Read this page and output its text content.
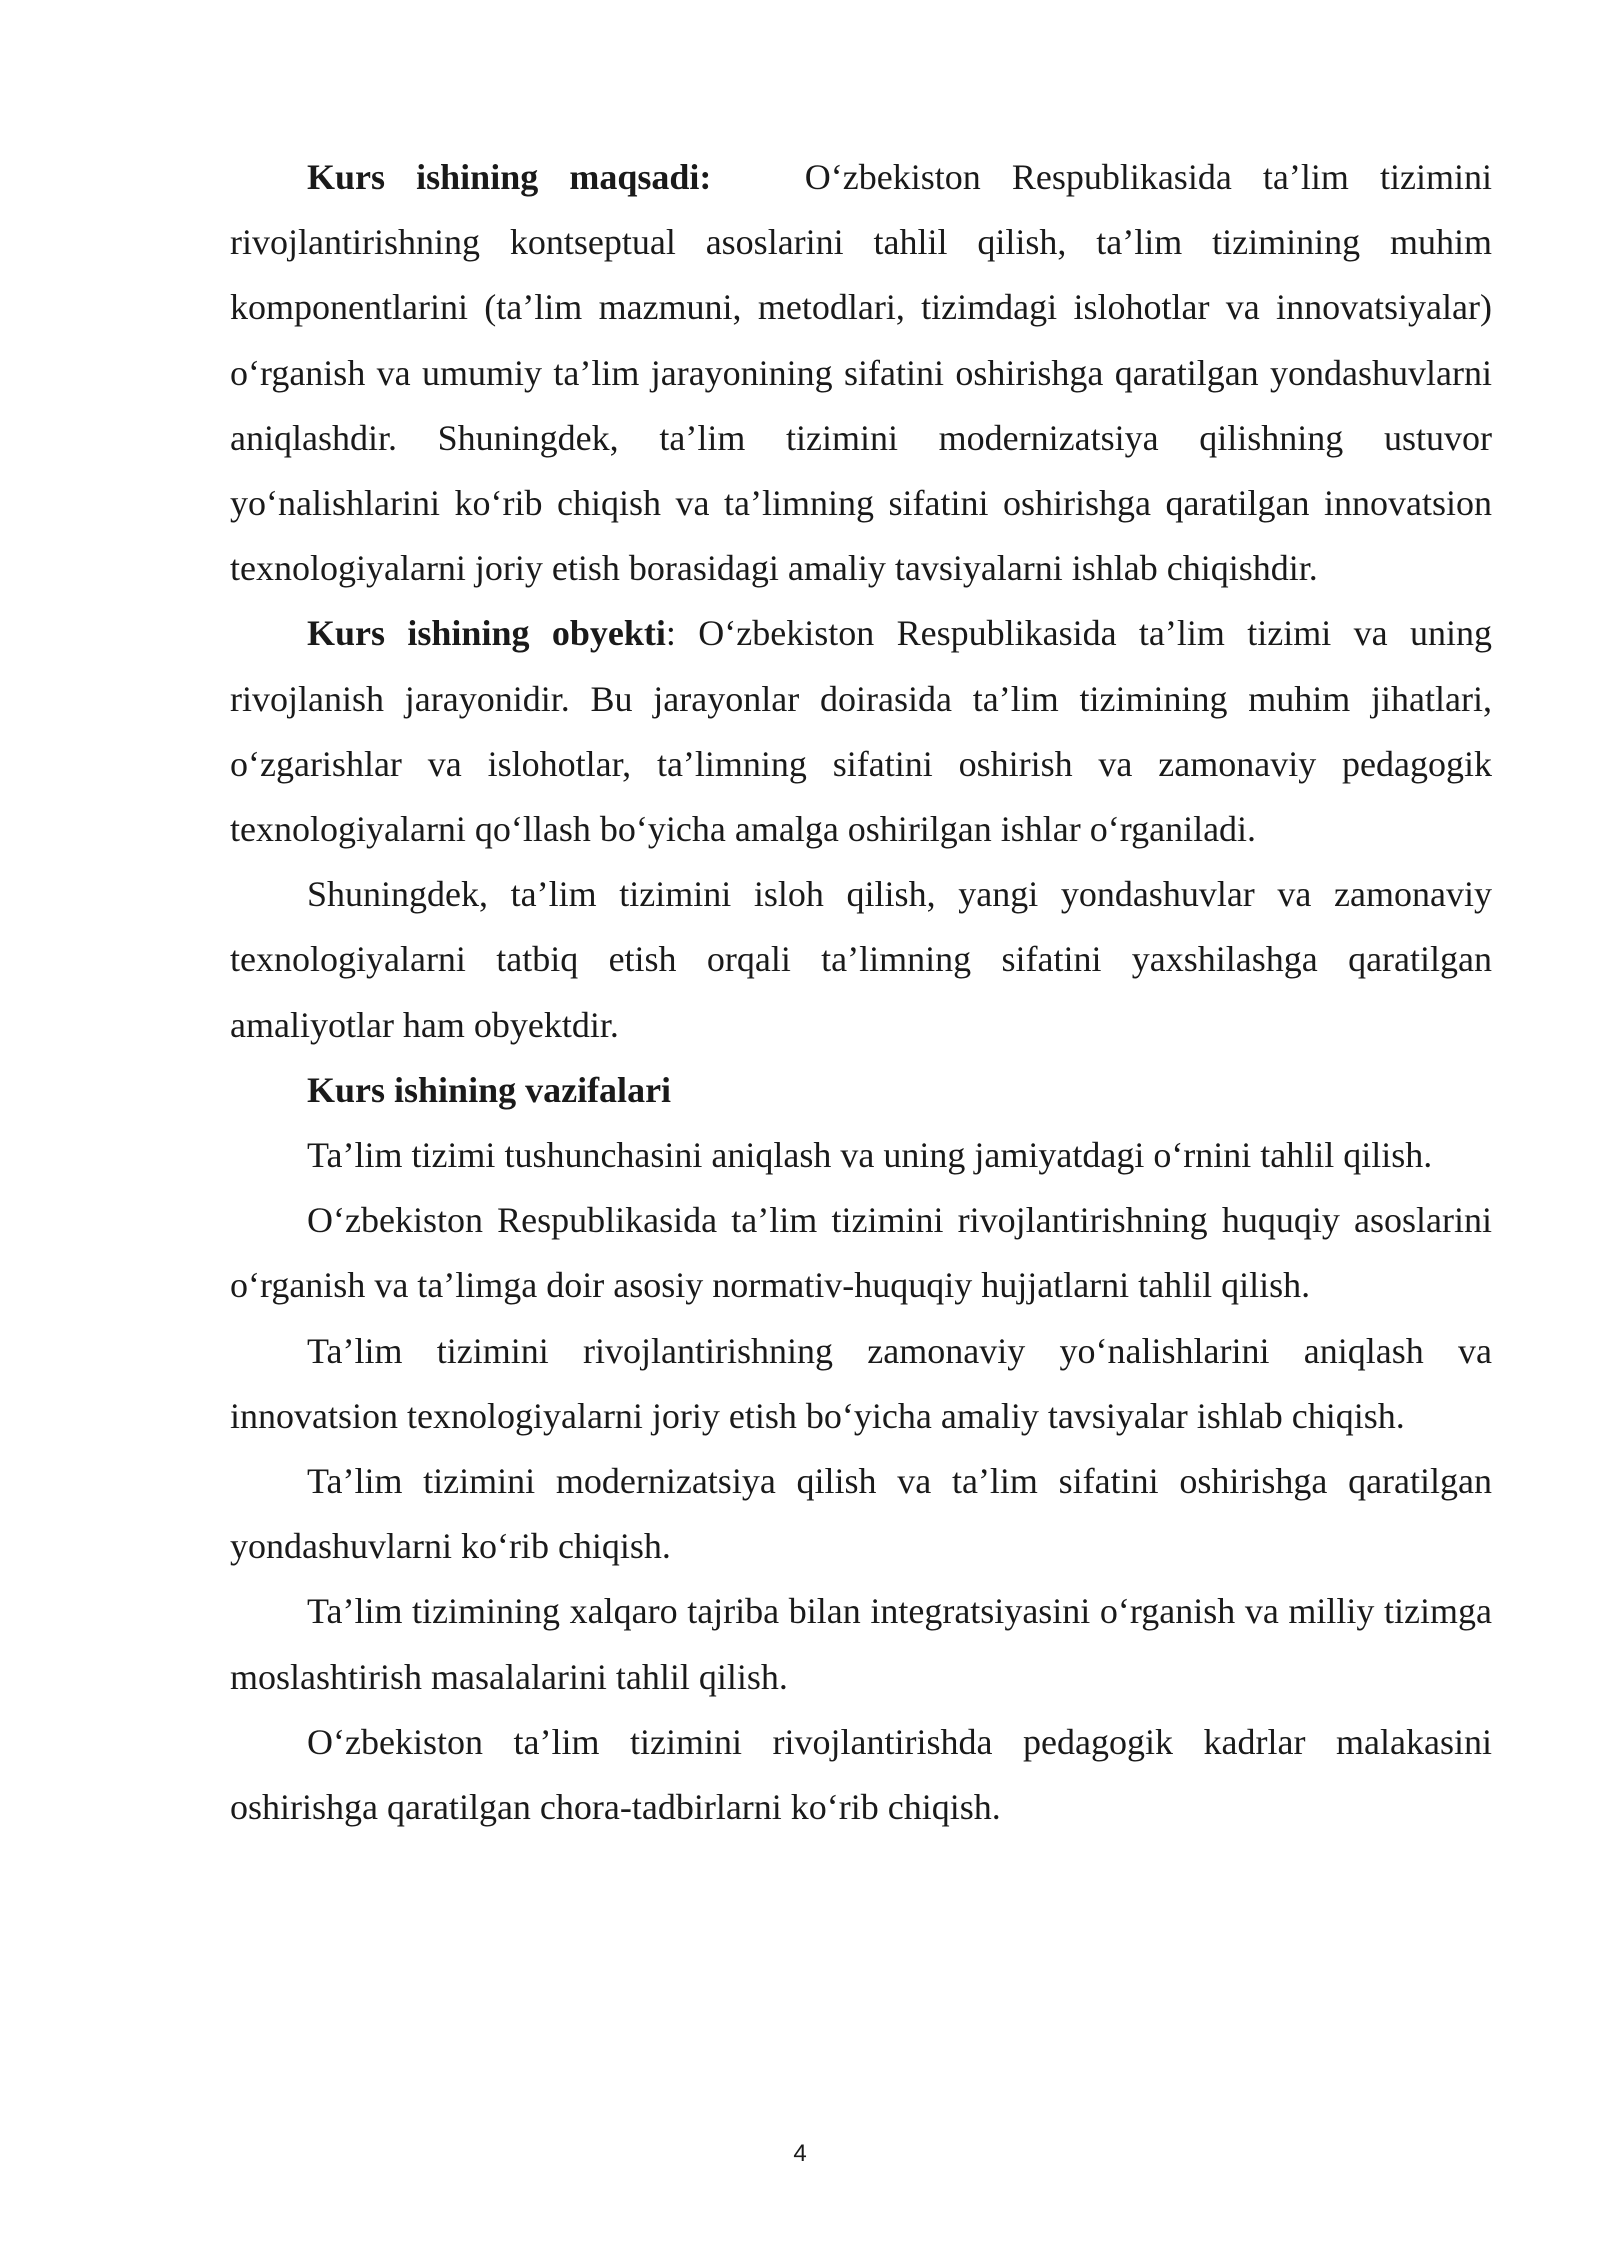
Kurs ishining maqsadi:	O‘zbekiston Respublikasida ta’lim tizimini rivojlantirishning kontseptual asoslarini tahlil qilish, ta’lim tizimining muhim komponentlarini (ta’lim mazmuni, metodlari, tizimdagi islohotlar va innovatsiyalar) o‘rganish va umumiy ta’lim jarayonining sifatini oshirishga qaratilgan yondashuvlarni aniqlashdir. Shuningdek, ta’lim tizimini modernizatsiya qilishning ustuvor yo‘nalishlarini ko‘rib chiqish va ta’limning sifatini oshirishga qaratilgan innovatsion texnologiyalarni joriy etish borasidagi amaliy tavsiyalarni ishlab chiqishdir.

Kurs ishining obyekti: O‘zbekiston Respublikasida ta’lim tizimi va uning rivojlanish jarayonidir. Bu jarayonlar doirasida ta’lim tizimining muhim jihatlari, o‘zgarishlar va islohotlar, ta’limning sifatini oshirish va zamonaviy pedagogik texnologiyalarni qo‘llash bo‘yicha amalga oshirilgan ishlar o‘rganiladi.

Shuningdek, ta’lim tizimini isloh qilish, yangi yondashuvlar va zamonaviy texnologiyalarni tatbiq etish orqali ta’limning sifatini yaxshilashga qaratilgan amaliyotlar ham obyektdir.

Kurs ishining vazifalari

Ta’lim tizimi tushunchasini aniqlash va uning jamiyatdagi o‘rnini tahlil qilish.

O‘zbekiston Respublikasida ta’lim tizimini rivojlantirishning huquqiy asoslarini o‘rganish va ta’limga doir asosiy normativ-huquqiy hujjatlarni tahlil qilish.

Ta’lim tizimini rivojlantirishning zamonaviy yo‘nalishlarini aniqlash va innovatsion texnologiyalarni joriy etish bo‘yicha amaliy tavsiyalar ishlab chiqish.

Ta’lim tizimini modernizatsiya qilish va ta’lim sifatini oshirishga qaratilgan yondashuvlarni ko‘rib chiqish.

Ta’lim tizimining xalqaro tajriba bilan integratsiyasini o‘rganish va milliy tizimga moslashtirish masalalarini tahlil qilish.

O‘zbekiston ta’lim tizimini rivojlantirishda pedagogik kadrlar malakasini oshirishga qaratilgan chora-tadbirlarni ko‘rib chiqish.

4
